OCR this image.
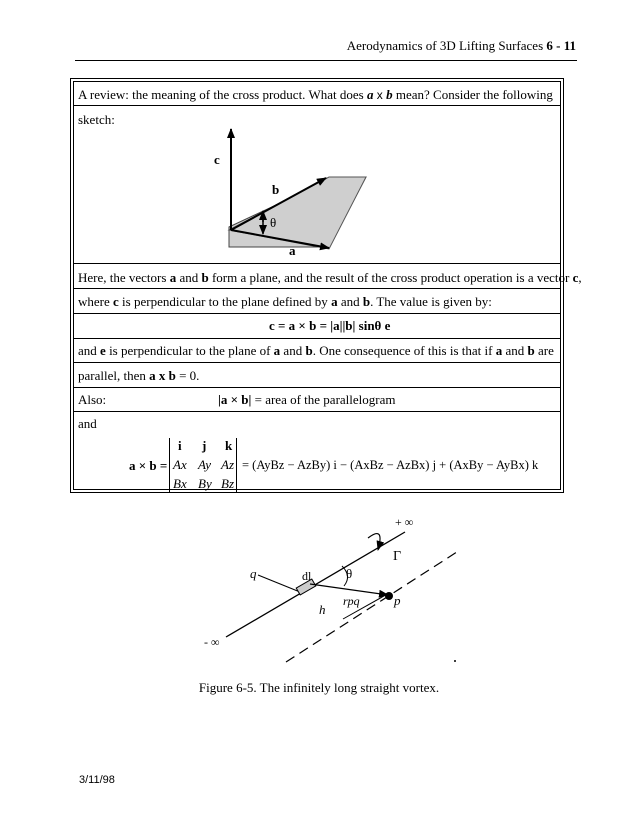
Aerodynamics of 3D Lifting Surfaces 6 - 11
A review: the meaning of the cross product. What does a x b mean? Consider the following
sketch:
c
b
θ
a
Here, the vectors a and b form a plane, and the result of the cross product operation is a vector c,
where c is perpendicular to the plane defined by a and b. The value is given by:
c = a × b = |a||b| sinθ e
and e is perpendicular to the plane of a and b. One consequence of this is that if a and b are
parallel, then a x b = 0.
Also:	|a × b| = area of the parallelogram
and
a × b =
i j k
Ax Ay Az
Bx By Bz
= (AyBz − AzBy) i − (AxBz − AzBx) j + (AxBy − AyBx) k
+ ∞
Γ
q	dl	θ
rpq	p
h
- ∞
Figure 6-5. The infinitely long straight vortex.
3/11/98
